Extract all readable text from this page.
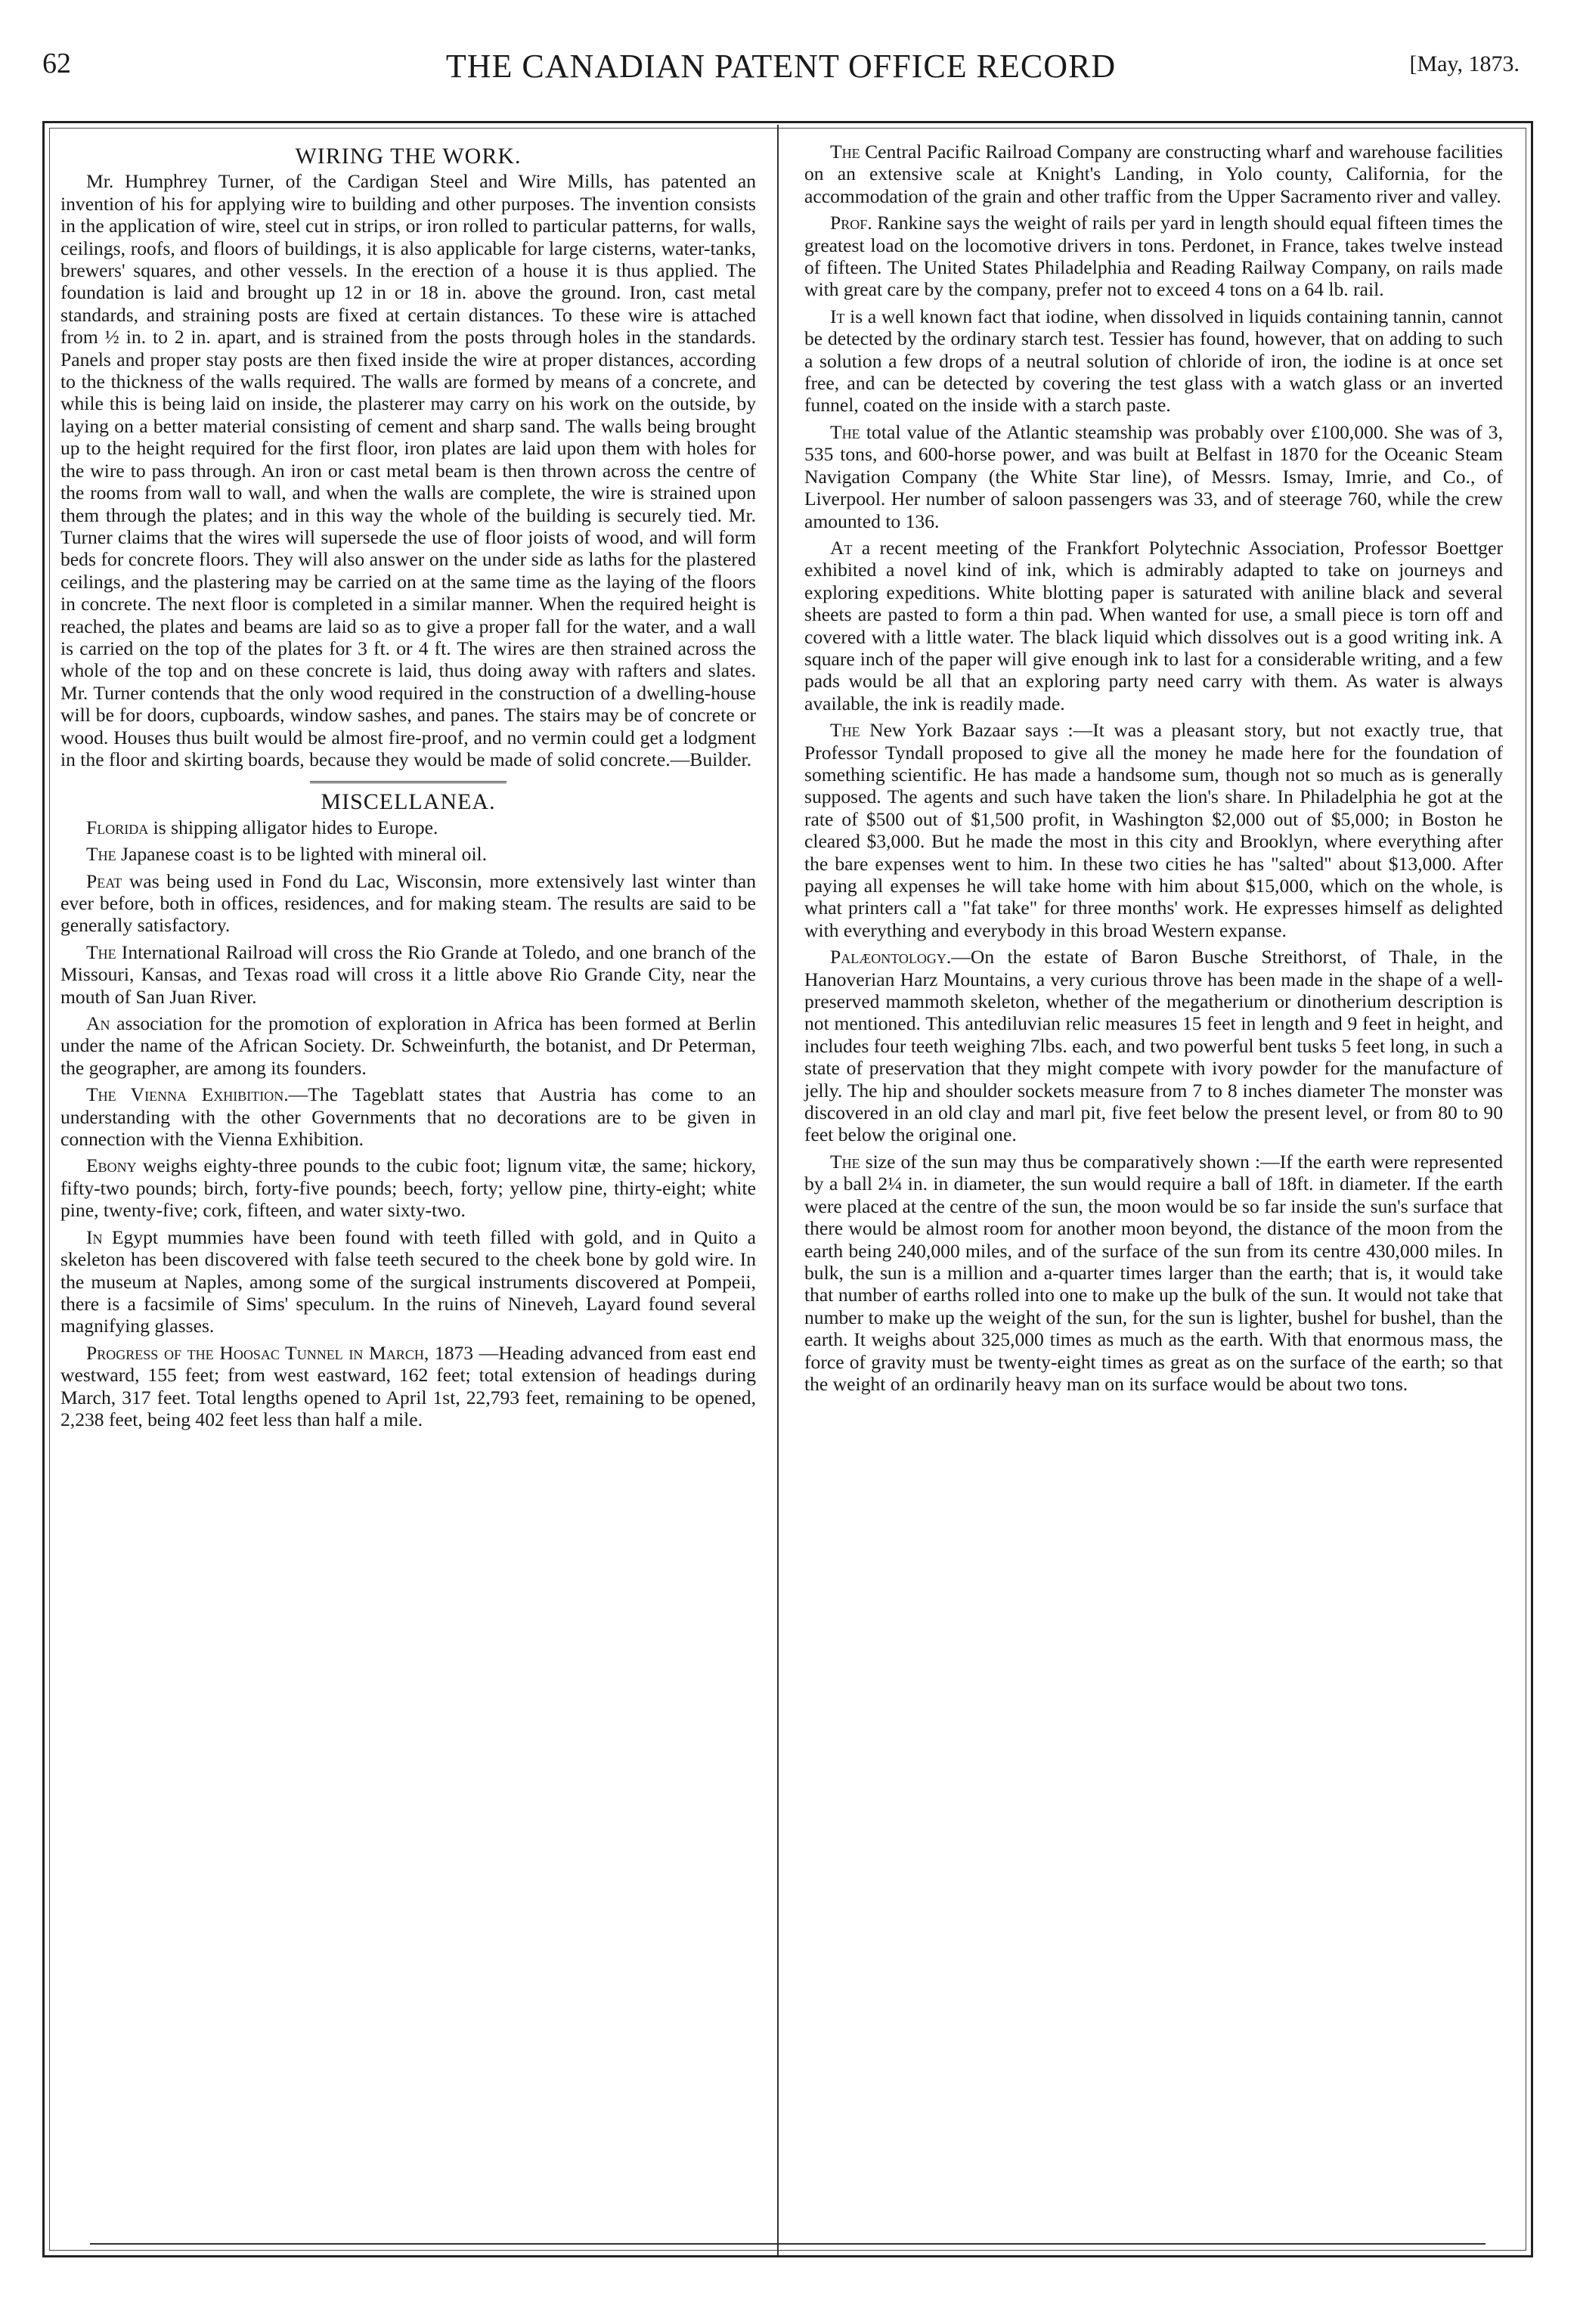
62	THE CANADIAN PATENT OFFICE RECORD	[May, 1873.
WIRING THE WORK.

Mr. Humphrey Turner, of the Cardigan Steel and Wire Mills, has patented an invention of his for applying wire to building and other purposes. The invention consists in the application of wire, steel cut in strips, or iron rolled to particular patterns, for walls, ceilings, roofs, and floors of buildings, it is also applicable for large cisterns, water-tanks, brewers' squares, and other vessels. In the erection of a house it is thus applied. The foundation is laid and brought up 12 in or 18 in. above the ground. Iron, cast metal standards, and straining posts are fixed at certain distances. To these wire is attached from ½ in. to 2 in. apart, and is strained from the posts through holes in the standards. Panels and proper stay posts are then fixed inside the wire at proper distances, according to the thickness of the walls required. The walls are formed by means of a concrete, and while this is being laid on inside, the plasterer may carry on his work on the outside, by laying on a better material consisting of cement and sharp sand. The walls being brought up to the height required for the first floor, iron plates are laid upon them with holes for the wire to pass through. An iron or cast metal beam is then thrown across the centre of the rooms from wall to wall, and when the walls are complete, the wire is strained upon them through the plates; and in this way the whole of the building is securely tied. Mr. Turner claims that the wires will supersede the use of floor joists of wood, and will form beds for concrete floors. They will also answer on the under side as laths for the plastered ceilings, and the plastering may be carried on at the same time as the laying of the floors in concrete. The next floor is completed in a similar manner. When the required height is reached, the plates and beams are laid so as to give a proper fall for the water, and a wall is carried on the top of the plates for 3 ft. or 4 ft. The wires are then strained across the whole of the top and on these concrete is laid, thus doing away with rafters and slates. Mr. Turner contends that the only wood required in the construction of a dwelling-house will be for doors, cupboards, window sashes, and panes. The stairs may be of concrete or wood. Houses thus built would be almost fire-proof, and no vermin could get a lodgment in the floor and skirting boards, because they would be made of solid concrete.—Builder.

MISCELLANEA.

Florida is shipping alligator hides to Europe.

The Japanese coast is to be lighted with mineral oil.

Peat was being used in Fond du Lac, Wisconsin, more extensively last winter than ever before, both in offices, residences, and for making steam. The results are said to be generally satisfactory.

The International Railroad will cross the Rio Grande at Toledo, and one branch of the Missouri, Kansas, and Texas road will cross it a little above Rio Grande City, near the mouth of San Juan River.

An association for the promotion of exploration in Africa has been formed at Berlin under the name of the African Society. Dr. Schweinfurth, the botanist, and Dr Peterman, the geographer, are among its founders.

The Vienna Exhibition.—The Tageblatt states that Austria has come to an understanding with the other Governments that no decorations are to be given in connection with the Vienna Exhibition.

Ebony weighs eighty-three pounds to the cubic foot; lignum vitæ, the same; hickory, fifty-two pounds; birch, forty-five pounds; beech, forty; yellow pine, thirty-eight; white pine, twenty-five; cork, fifteen, and water sixty-two.

In Egypt mummies have been found with teeth filled with gold, and in Quito a skeleton has been discovered with false teeth secured to the cheek bone by gold wire. In the museum at Naples, among some of the surgical instruments discovered at Pompeii, there is a facsimile of Sims' speculum. In the ruins of Nineveh, Layard found several magnifying glasses.

Progress of the Hoosac Tunnel in March, 1873 —Heading advanced from east end westward, 155 feet; from west eastward, 162 feet; total extension of headings during March, 317 feet. Total lengths opened to April 1st, 22,793 feet, remaining to be opened, 2,238 feet, being 402 feet less than half a mile.

The Central Pacific Railroad Company are constructing wharf and warehouse facilities on an extensive scale at Knight's Landing, in Yolo county, California, for the accommodation of the grain and other traffic from the Upper Sacramento river and valley.

Prof. Rankine says the weight of rails per yard in length should equal fifteen times the greatest load on the locomotive drivers in tons. Perdonet, in France, takes twelve instead of fifteen. The United States Philadelphia and Reading Railway Company, on rails made with great care by the company, prefer not to exceed 4 tons on a 64 lb. rail.

It is a well known fact that iodine, when dissolved in liquids containing tannin, cannot be detected by the ordinary starch test. Tessier has found, however, that on adding to such a solution a few drops of a neutral solution of chloride of iron, the iodine is at once set free, and can be detected by covering the test glass with a watch glass or an inverted funnel, coated on the inside with a starch paste.

The total value of the Atlantic steamship was probably over £100,000. She was of 3, 535 tons, and 600-horse power, and was built at Belfast in 1870 for the Oceanic Steam Navigation Company (the White Star line), of Messrs. Ismay, Imrie, and Co., of Liverpool. Her number of saloon passengers was 33, and of steerage 760, while the crew amounted to 136.

At a recent meeting of the Frankfort Polytechnic Association, Professor Boettger exhibited a novel kind of ink, which is admirably adapted to take on journeys and exploring expeditions. White blotting paper is saturated with aniline black and several sheets are pasted to form a thin pad. When wanted for use, a small piece is torn off and covered with a little water. The black liquid which dissolves out is a good writing ink. A square inch of the paper will give enough ink to last for a considerable writing, and a few pads would be all that an exploring party need carry with them. As water is always available, the ink is readily made.

The New York Bazaar says :—It was a pleasant story, but not exactly true, that Professor Tyndall proposed to give all the money he made here for the foundation of something scientific. He has made a handsome sum, though not so much as is generally supposed. The agents and such have taken the lion's share. In Philadelphia he got at the rate of $500 out of $1,500 profit, in Washington $2,000 out of $5,000; in Boston he cleared $3,000. But he made the most in this city and Brooklyn, where everything after the bare expenses went to him. In these two cities he has "salted" about $13,000. After paying all expenses he will take home with him about $15,000, which on the whole, is what printers call a "fat take" for three months' work. He expresses himself as delighted with everything and everybody in this broad Western expanse.

Palæontology.—On the estate of Baron Busche Streithorst, of Thale, in the Hanoverian Harz Mountains, a very curious throve has been made in the shape of a well-preserved mammoth skeleton, whether of the megatherium or dinotherium description is not mentioned. This antediluvian relic measures 15 feet in length and 9 feet in height, and includes four teeth weighing 7lbs. each, and two powerful bent tusks 5 feet long, in such a state of preservation that they might compete with ivory powder for the manufacture of jelly. The hip and shoulder sockets measure from 7 to 8 inches diameter The monster was discovered in an old clay and marl pit, five feet below the present level, or from 80 to 90 feet below the original one.

The size of the sun may thus be comparatively shown :—If the earth were represented by a ball 2¼ in. in diameter, the sun would require a ball of 18ft. in diameter. If the earth were placed at the centre of the sun, the moon would be so far inside the sun's surface that there would be almost room for another moon beyond, the distance of the moon from the earth being 240,000 miles, and of the surface of the sun from its centre 430,000 miles. In bulk, the sun is a million and a-quarter times larger than the earth; that is, it would take that number of earths rolled into one to make up the bulk of the sun. It would not take that number to make up the weight of the sun, for the sun is lighter, bushel for bushel, than the earth. It weighs about 325,000 times as much as the earth. With that enormous mass, the force of gravity must be twenty-eight times as great as on the surface of the earth; so that the weight of an ordinarily heavy man on its surface would be about two tons.
